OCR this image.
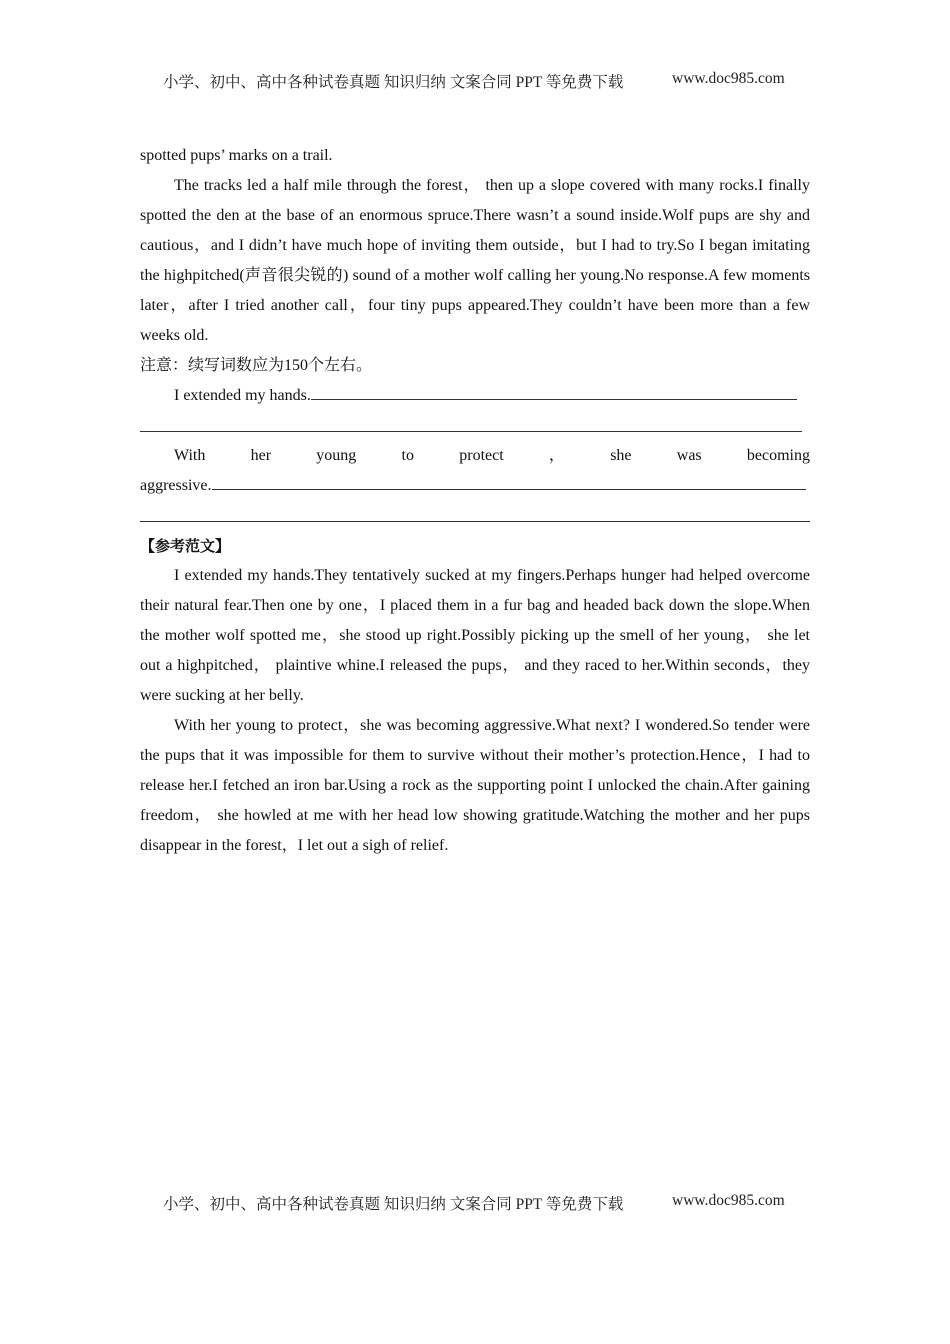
小学、初中、高中各种试卷真题 知识归纳 文案合同 PPT 等免费下载	www.doc985.com

spotted pups’ marks on a trail.

The tracks led a half mile through the forest， then up a slope covered with many rocks.I finally spotted the den at the base of an enormous spruce.There wasn’t a sound inside.Wolf pups are shy and cautious，and I didn’t have much hope of inviting them outside，but I had to try.So I began imitating the highpitched(声音很尖锐的) sound of a mother wolf calling her young.No response.A few moments later，after I tried another call，four tiny pups appeared.They couldn’t have been more than a few weeks old.

注意：续写词数应为150个左右。

I extended my hands.

With	her	young	to	protect	，	she	was	becoming

aggressive.

【参考范文】

I extended my hands.They tentatively sucked at my fingers.Perhaps hunger had helped overcome their natural fear.Then one by one，I placed them in a fur bag and headed back down the slope.When the mother wolf spotted me，she stood up right.Possibly picking up the smell of her young， she let out a highpitched， plaintive whine.I released the pups， and they raced to her.Within seconds，they were sucking at her belly.

With her young to protect，she was becoming aggressive.What next? I wondered.So tender were the pups that it was impossible for them to survive without their mother’s protection.Hence，I had to release her.I fetched an iron bar.Using a rock as the supporting point I unlocked the chain.After gaining freedom， she howled at me with her head low showing gratitude.Watching the mother and her pups disappear in the forest，I let out a sigh of relief.

小学、初中、高中各种试卷真题 知识归纳 文案合同 PPT 等免费下载	www.doc985.com
